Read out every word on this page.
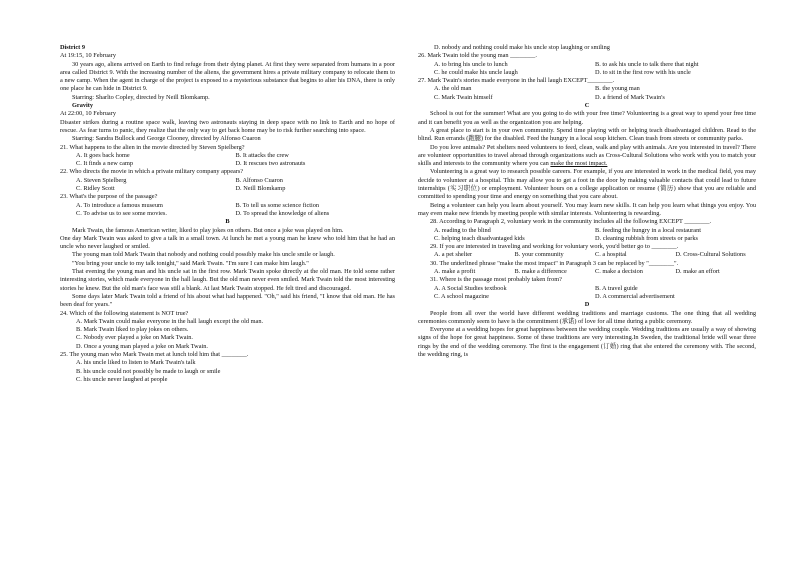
District 9

At 19:15, 10 February

30 years ago, aliens arrived on Earth to find refuge from their dying planet. At first they were separated from humans in a poor area called District 9. With the increasing number of the aliens, the government hires a private military company to relocate them to a new camp. When the agent in charge of the project is exposed to a mysterious substance that begins to alter his DNA, there is only one place he can hide in District 9.

Starring: Sharlto Copley, directed by Neill Blomkamp.

Gravity

At 22:00, 10 February

Disaster strikes during a routine space walk, leaving two astronauts staying in deep space with no link to Earth and no hope of rescue. As fear turns to panic, they realize that the only way to get back home may be to risk further searching into space.

Starring: Sandra Bullock and George Clooney, directed by Alfonso Cuaron

21. What happens to the alien in the movie directed by Steven Spielberg?

A. It goes back home	B. It attacks the crew
C. It finds a new camp	D. It rescues two astronauts

22. Who directs the movie in which a private military company appears?

A. Steven Spielberg	B. Alfonso Cuaron
C. Ridley Scott	D. Neill Blomkamp

23. What's the purpose of the passage?

A. To introduce a famous museum	B. To tell us some science fiction
C. To advise us to see some movies.	D. To spread the knowledge of aliens

B

Mark Twain, the famous American writer, liked to play jokes on others. But once a joke was played on him.

One day Mark Twain was asked to give a talk in a small town. At lunch he met a young man he knew who told him that he had an uncle who never laughed or smiled.

The young man told Mark Twain that nobody and nothing could possibly make his uncle smile or laugh.

"You bring your uncle to my talk tonight," said Mark Twain. "I'm sure I can make him laugh."

That evening the young man and his uncle sat in the first row. Mark Twain spoke directly at the old man. He told some rather interesting stories, which made everyone in the hall laugh. But the old man never even smiled. Mark Twain told the most interesting stories he knew. But the old man's face was still a blank. At last Mark Twain stopped. He felt tired and discouraged.

Some days later Mark Twain told a friend of his about what had happened. "Oh," said his friend, "I know that old man. He has been deaf for years."

24. Which of the following statement is NOT true?

A. Mark Twain could make everyone in the hall laugh except the old man.

B. Mark Twain liked to play jokes on others.

C. Nobody ever played a joke on Mark Twain.

D. Once a young man played a joke on Mark Twain.

25. The young man who Mark Twain met at lunch told him that ________.

A. his uncle liked to listen to Mark Twain's talk

B. his uncle could not possibly be made to laugh or smile

C. his uncle never laughed at people

D. nobody and nothing could make his uncle stop laughing or smiling

26. Mark Twain told the young man ________.

A. to bring his uncle to lunch	B. to ask his uncle to talk there that night
C. he could make his uncle laugh	D. to sit in the first row with his uncle

27. Mark Twain's stories made everyone in the hall laugh EXCEPT________.

A. the old man	B. the young man
C. Mark Twain himself	D. a friend of Mark Twain's

C

School is out for the summer! What are you going to do with your free time? Volunteering is a great way to spend your free time and it can benefit you as well as the organization you are helping.

A great place to start is in your own community. Spend time playing with or helping teach disadvantaged children. Read to the blind. Run errands (跑腿) for the disabled. Feed the hungry in a local soup kitchen. Clean trash from streets or community parks.

Do you love animals? Pet shelters need volunteers to feed, clean, walk and play with animals. Are you interested in travel? There are volunteer opportunities to travel abroad through organizations such as Cross-Cultural Solutions who work with you to match your skills and interests to the community where you can make the most impact.

Volunteering is a great way to research possible careers. For example, if you are interested in work in the medical field, you may decide to volunteer at a hospital. This may allow you to get a foot in the door by making valuable contacts that could lead to future internships (实习职位) or employment. Volunteer hours on a college application or resume (简历) show that you are reliable and committed to spending your time and energy on something that you care about.

Being a volunteer can help you learn about yourself. You may learn new skills. It can help you learn what things you enjoy. You may even make new friends by meeting people with similar interests. Volunteering is rewarding.

28. According to Paragraph 2, voluntary work in the community includes all the following EXCEPT ________.

A. reading to the blind	B. feeding the hungry in a local restaurant
C. helping teach disadvantaged kids	D. cleaning rubbish from streets or parks

29. If you are interested in traveling and working for voluntary work, you'd better go to ________.

A. a pet shelter	B. your community	C. a hospital	D. Cross-Cultural Solutions

30. The underlined phrase "make the most impact" in Paragraph 3 can be replaced by "________".

A. make a profit	B. make a difference	C. make a decision	D. make an effort

31. Where is the passage most probably taken from?

A. A Social Studies textbook	B. A travel guide
C. A school magazine	D. A commercial advertisement

D

People from all over the world have different wedding traditions and marriage customs. The one thing that all wedding ceremonies commonly seem to have is the commitment (承诺) of love for all time during a public ceremony.

Everyone at a wedding hopes for great happiness between the wedding couple. Wedding traditions are usually a way of showing signs of the hope for great happiness. Some of these traditions are very interesting.In Sweden, the traditional bride will wear three rings by the end of the wedding ceremony. The first is the engagement (订婚) ring that she entered the ceremony with. The second, the wedding ring, is
